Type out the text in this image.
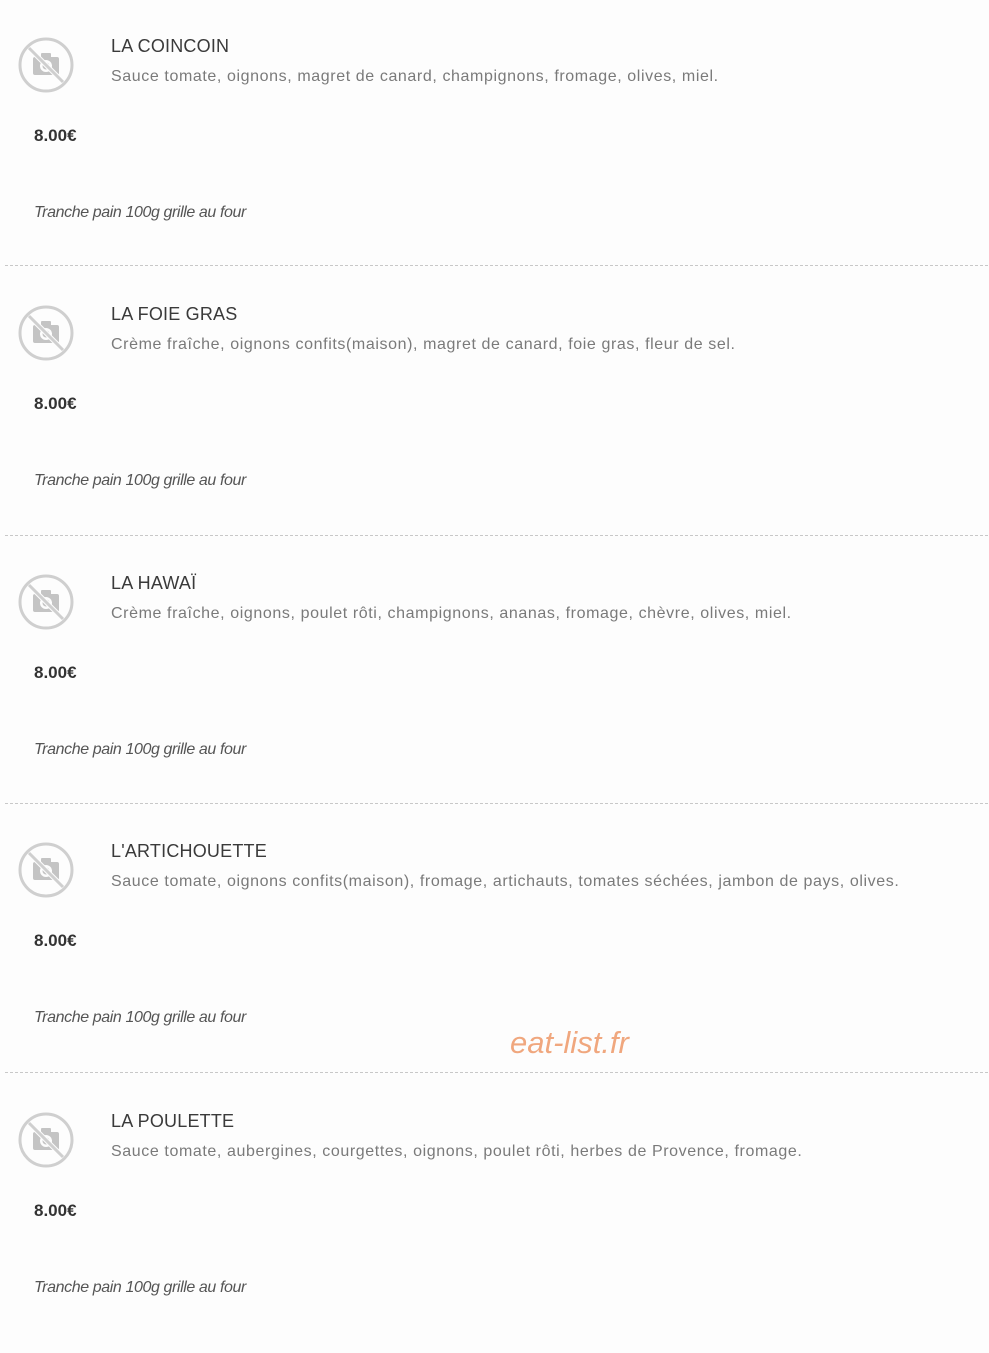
LA COINCOIN
Sauce tomate, oignons, magret de canard, champignons, fromage, olives, miel.
8.00€
Tranche pain 100g grille au four
LA FOIE GRAS
Crème fraîche, oignons confits(maison), magret de canard, foie gras, fleur de sel.
8.00€
Tranche pain 100g grille au four
LA HAWAÏ
Crème fraîche, oignons, poulet rôti, champignons, ananas, fromage, chèvre, olives, miel.
8.00€
Tranche pain 100g grille au four
L'ARTICHOUETTE
Sauce tomate, oignons confits(maison), fromage, artichauts, tomates séchées, jambon de pays, olives.
8.00€
Tranche pain 100g grille au four
LA POULETTE
Sauce tomate, aubergines, courgettes, oignons, poulet rôti, herbes de Provence, fromage.
8.00€
Tranche pain 100g grille au four
eat-list.fr
